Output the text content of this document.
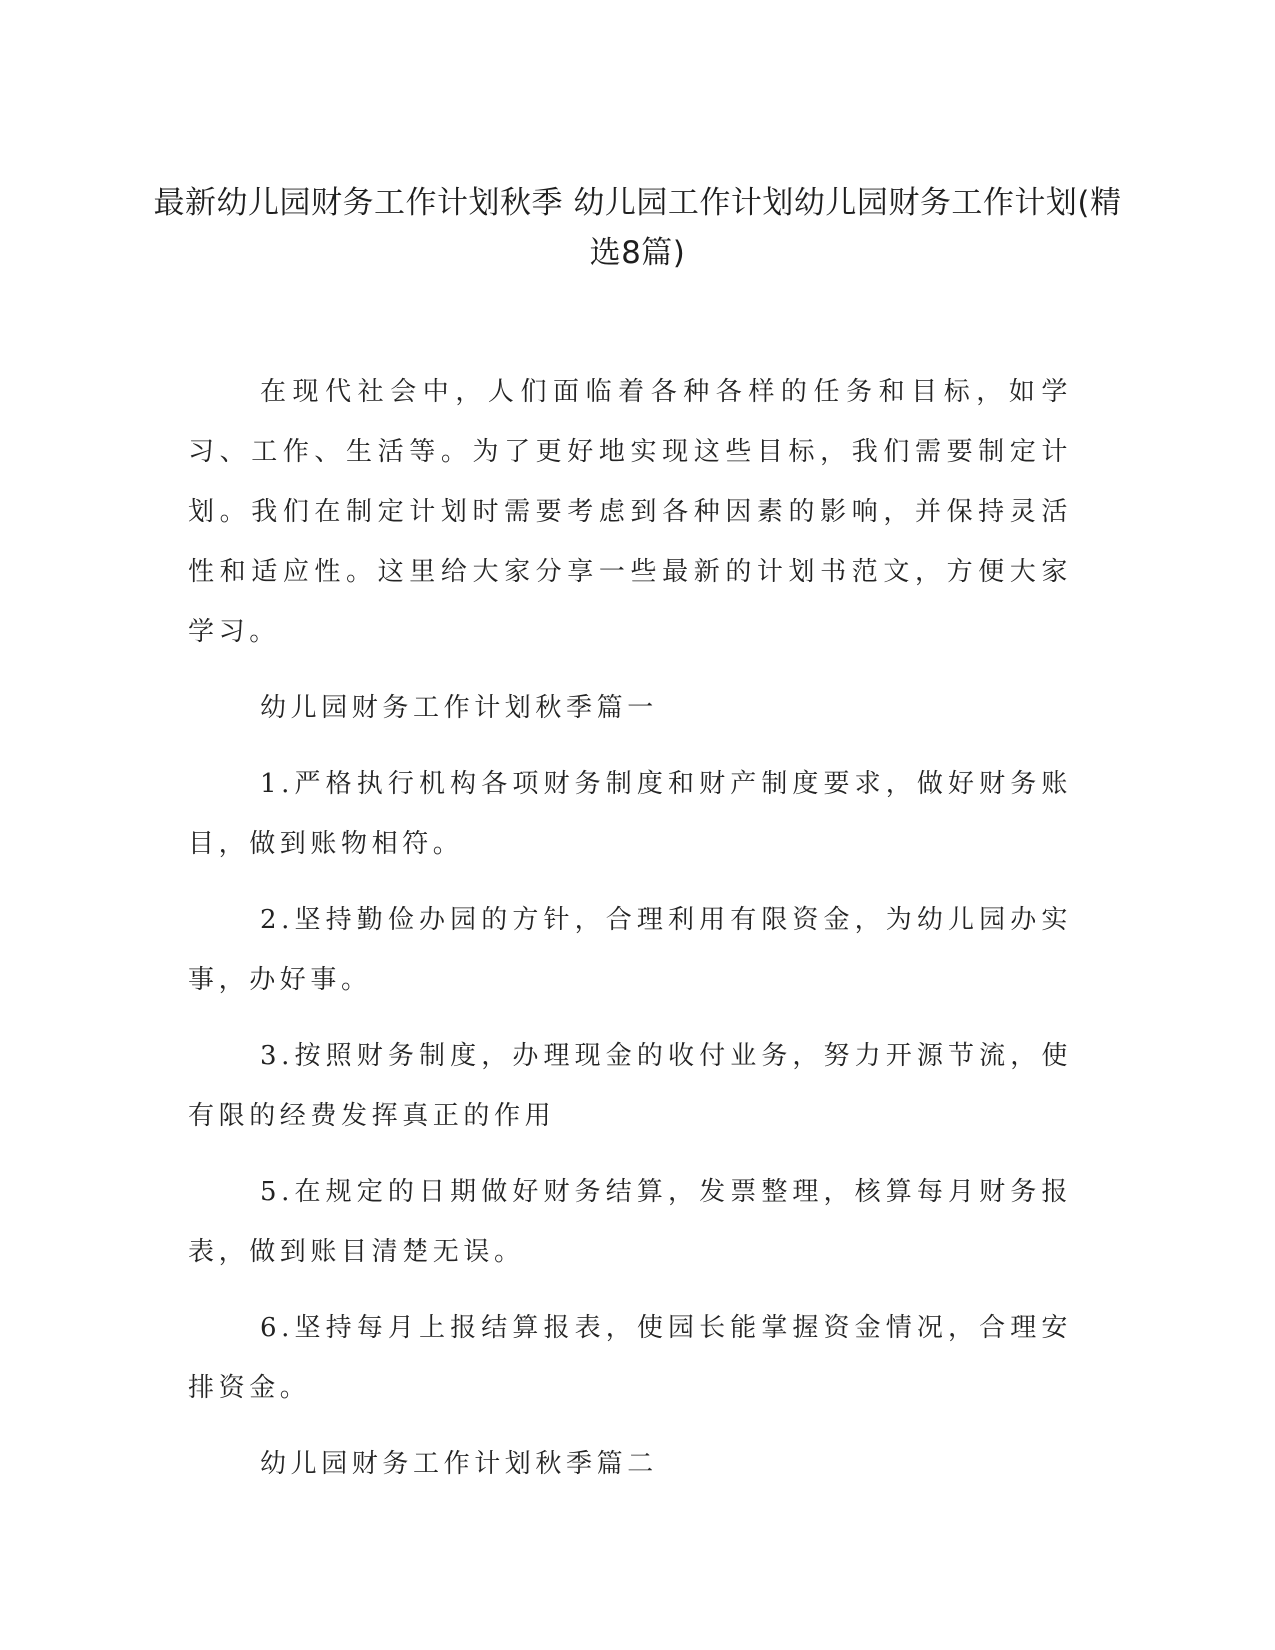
最新幼儿园财务工作计划秋季 幼儿园工作计划幼儿园财务工作计划(精选8篇)

在现代社会中，人们面临着各种各样的任务和目标，如学习、工作、生活等。为了更好地实现这些目标，我们需要制定计划。我们在制定计划时需要考虑到各种因素的影响，并保持灵活性和适应性。这里给大家分享一些最新的计划书范文，方便大家学习。

幼儿园财务工作计划秋季篇一

1.严格执行机构各项财务制度和财产制度要求，做好财务账目，做到账物相符。

2.坚持勤俭办园的方针，合理利用有限资金，为幼儿园办实事，办好事。

3.按照财务制度，办理现金的收付业务，努力开源节流，使有限的经费发挥真正的作用

5.在规定的日期做好财务结算，发票整理，核算每月财务报表，做到账目清楚无误。

6.坚持每月上报结算报表，使园长能掌握资金情况，合理安排资金。

幼儿园财务工作计划秋季篇二
